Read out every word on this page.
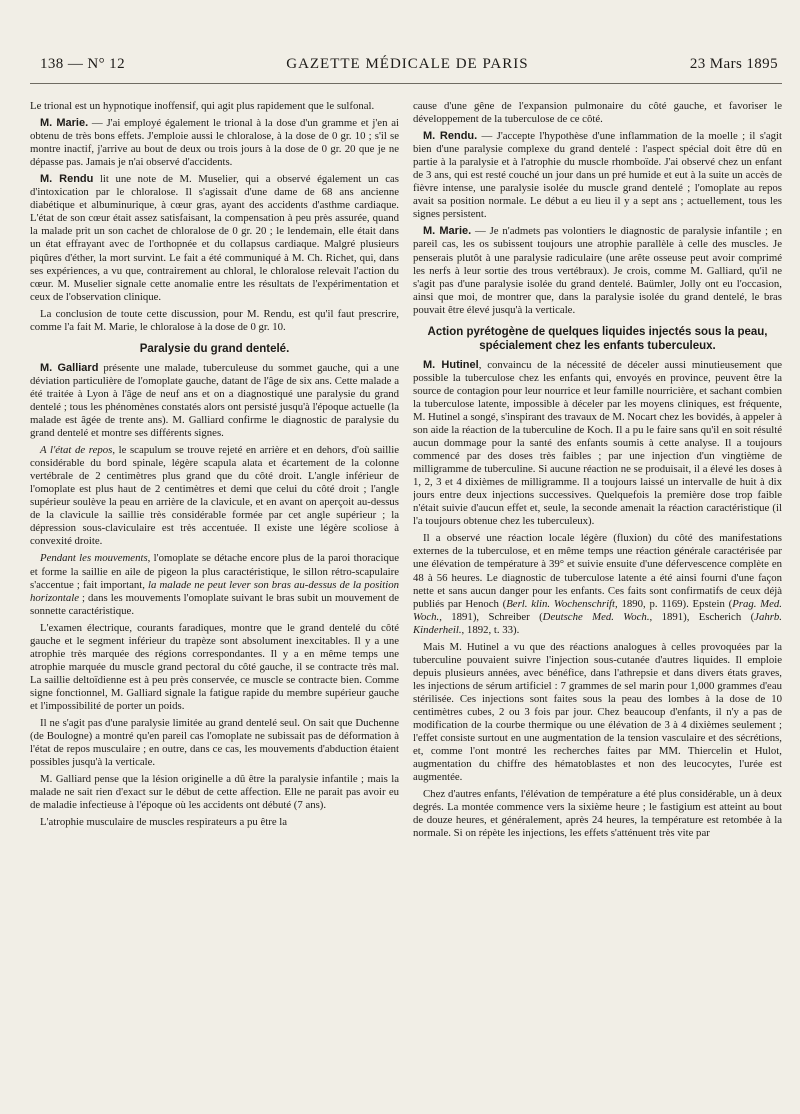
138 — N° 12	GAZETTE MÉDICALE DE PARIS	23 Mars 1895

Le trional est un hypnotique inoffensif, qui agit plus rapidement que le sulfonal.

M. Marie. — J'ai employé également le trional à la dose d'un gramme et j'en ai obtenu de très bons effets. J'emploie aussi le chloralose, à la dose de 0 gr. 10 ; s'il se montre inactif, j'arrive au bout de deux ou trois jours à la dose de 0 gr. 20 que je ne dépasse pas. Jamais je n'ai observé d'accidents.

M. Rendu lit une note de M. Muselier, qui a observé également un cas d'intoxication par le chloralose. Il s'agissait d'une dame de 68 ans ancienne diabétique et albuminurique, à cœur gras, ayant des accidents d'asthme cardiaque. L'état de son cœur était assez satisfaisant, la compensation à peu près assurée, quand la malade prit un son cachet de chloralose de 0 gr. 20 ; le lendemain, elle était dans un état effrayant avec de l'orthopnée et du collapsus cardiaque. Malgré plusieurs piqûres d'éther, la mort survint. Le fait a été communiqué à M. Ch. Richet, qui, dans ses expériences, a vu que, contrairement au chloral, le chloralose relevait l'action du cœur. M. Muselier signale cette anomalie entre les résultats de l'expérimentation et ceux de l'observation clinique.

La conclusion de toute cette discussion, pour M. Rendu, est qu'il faut prescrire, comme l'a fait M. Marie, le chloralose à la dose de 0 gr. 10.

Paralysie du grand dentelé.

M. Galliard présente une malade, tuberculeuse du sommet gauche, qui a une déviation particulière de l'omoplate gauche, datant de l'âge de six ans. Cette malade a été traitée à Lyon à l'âge de neuf ans et on a diagnostiqué une paralysie du grand dentelé ; tous les phénomènes constatés alors ont persisté jusqu'à l'époque actuelle (la malade est âgée de trente ans). M. Galliard confirme le diagnostic de paralysie du grand dentelé et montre ses différents signes.

A l'état de repos, le scapulum se trouve rejeté en arrière et en dehors, d'où saillie considérable du bord spinale, légère scapula alata et écartement de la colonne vertébrale de 2 centimètres plus grand que du côté droit. L'angle inférieur de l'omoplate est plus haut de 2 centimètres et demi que celui du côté droit ; l'angle supérieur soulève la peau en arrière de la clavicule, et en avant on aperçoit au-dessus de la clavicule la saillie très considérable formée par cet angle supérieur ; la dépression sous-claviculaire est très accentuée. Il existe une légère scoliose à convexité droite.

Pendant les mouvements, l'omoplate se détache encore plus de la paroi thoracique et forme la saillie en aile de pigeon la plus caractéristique, le sillon rétro-scapulaire s'accentue ; fait important, la malade ne peut lever son bras au-dessus de la position horizontale ; dans les mouvements l'omoplate suivant le bras subit un mouvement de sonnette caractéristique.

L'examen électrique, courants faradiques, montre que le grand dentelé du côté gauche et le segment inférieur du trapèze sont absolument inexcitables. Il y a une atrophie très marquée des régions correspondantes. Il y a en même temps une atrophie marquée du muscle grand pectoral du côté gauche, il se contracte très mal. La saillie deltoïdienne est à peu près conservée, ce muscle se contracte bien. Comme signe fonctionnel, M. Galliard signale la fatigue rapide du membre supérieur gauche et l'impossibilité de porter un poids.

Il ne s'agit pas d'une paralysie limitée au grand dentelé seul. On sait que Duchenne (de Boulogne) a montré qu'en pareil cas l'omoplate ne subissait pas de déformation à l'état de repos musculaire ; en outre, dans ce cas, les mouvements d'abduction étaient possibles jusqu'à la verticale.

M. Galliard pense que la lésion originelle a dû être la paralysie infantile ; mais la malade ne sait rien d'exact sur le début de cette affection. Elle ne parait pas avoir eu de maladie infectieuse à l'époque où les accidents ont débuté (7 ans).

L'atrophie musculaire de muscles respirateurs a pu être la

cause d'une gêne de l'expansion pulmonaire du côté gauche, et favoriser le développement de la tuberculose de ce côté.

M. Rendu. — J'accepte l'hypothèse d'une inflammation de la moelle ; il s'agit bien d'une paralysie complexe du grand dentelé : l'aspect spécial doit être dû en partie à la paralysie et à l'atrophie du muscle rhomboïde. J'ai observé chez un enfant de 3 ans, qui est resté couché un jour dans un pré humide et eut à la suite un accès de fièvre intense, une paralysie isolée du muscle grand dentelé ; l'omoplate au repos avait sa position normale. Le début a eu lieu il y a sept ans ; actuellement, tous les signes persistent.

M. Marie. — Je n'admets pas volontiers le diagnostic de paralysie infantile ; en pareil cas, les os subissent toujours une atrophie parallèle à celle des muscles. Je penserais plutôt à une paralysie radiculaire (une arête osseuse peut avoir comprimé les nerfs à leur sortie des trous vertébraux). Je crois, comme M. Galliard, qu'il ne s'agit pas d'une paralysie isolée du grand dentelé. Baümler, Jolly ont eu l'occasion, ainsi que moi, de montrer que, dans la paralysie isolée du grand dentelé, le bras pouvait être élevé jusqu'à la verticale.

Action pyrétogène de quelques liquides injectés sous la peau, spécialement chez les enfants tuberculeux.

M. Hutinel, convaincu de la nécessité de déceler aussi minutieusement que possible la tuberculose chez les enfants qui, envoyés en province, peuvent être la source de contagion pour leur nourrice et leur famille nourricière, et sachant combien la tuberculose latente, impossible à déceler par les moyens cliniques, est fréquente, M. Hutinel a songé, s'inspirant des travaux de M. Nocart chez les bovidés, à appeler à son aide la réaction de la tuberculine de Koch. Il a pu le faire sans qu'il en soit résulté aucun dommage pour la santé des enfants soumis à cette analyse. Il a toujours commencé par des doses très faibles ; par une injection d'un vingtième de milligramme de tuberculine. Si aucune réaction ne se produisait, il a élevé les doses à 1, 2, 3 et 4 dixièmes de milligramme. Il a toujours laissé un intervalle de huit à dix jours entre deux injections successives. Quelquefois la première dose trop faible n'était suivie d'aucun effet et, seule, la seconde amenait la réaction caractéristique (il l'a toujours obtenue chez les tuberculeux).

Il a observé une réaction locale légère (fluxion) du côté des manifestations externes de la tuberculose, et en même temps une réaction générale caractérisée par une élévation de température à 39° et suivie ensuite d'une défervescence complète en 48 à 56 heures. Le diagnostic de tuberculose latente a été ainsi fourni d'une façon nette et sans aucun danger pour les enfants. Ces faits sont confirmatifs de ceux déjà publiés par Henoch (Berl. klin. Wochenschrift, 1890, p. 1169). Epstein (Prag. Med. Woch., 1891), Schreiber (Deutsche Med. Woch., 1891), Escherich (Jahrb. Kinderheil., 1892, t. 33).

Mais M. Hutinel a vu que des réactions analogues à celles provoquées par la tuberculine pouvaient suivre l'injection sous-cutanée d'autres liquides. Il emploie depuis plusieurs années, avec bénéfice, dans l'athrepsie et dans divers états graves, les injections de sérum artificiel : 7 grammes de sel marin pour 1,000 grammes d'eau stérilisée. Ces injections sont faites sous la peau des lombes à la dose de 10 centimètres cubes, 2 ou 3 fois par jour. Chez beaucoup d'enfants, il n'y a pas de modification de la courbe thermique ou une élévation de 3 à 4 dixièmes seulement ; l'effet consiste surtout en une augmentation de la tension vasculaire et des sécrétions, et, comme l'ont montré les recherches faites par MM. Thiercelin et Hulot, augmentation du chiffre des hématoblastes et non des leucocytes, l'urée est augmentée.

Chez d'autres enfants, l'élévation de température a été plus considérable, un à deux degrés. La montée commence vers la sixième heure ; le fastigium est atteint au bout de douze heures, et généralement, après 24 heures, la température est retombée à la normale. Si on répète les injections, les effets s'atténuent très vite par
